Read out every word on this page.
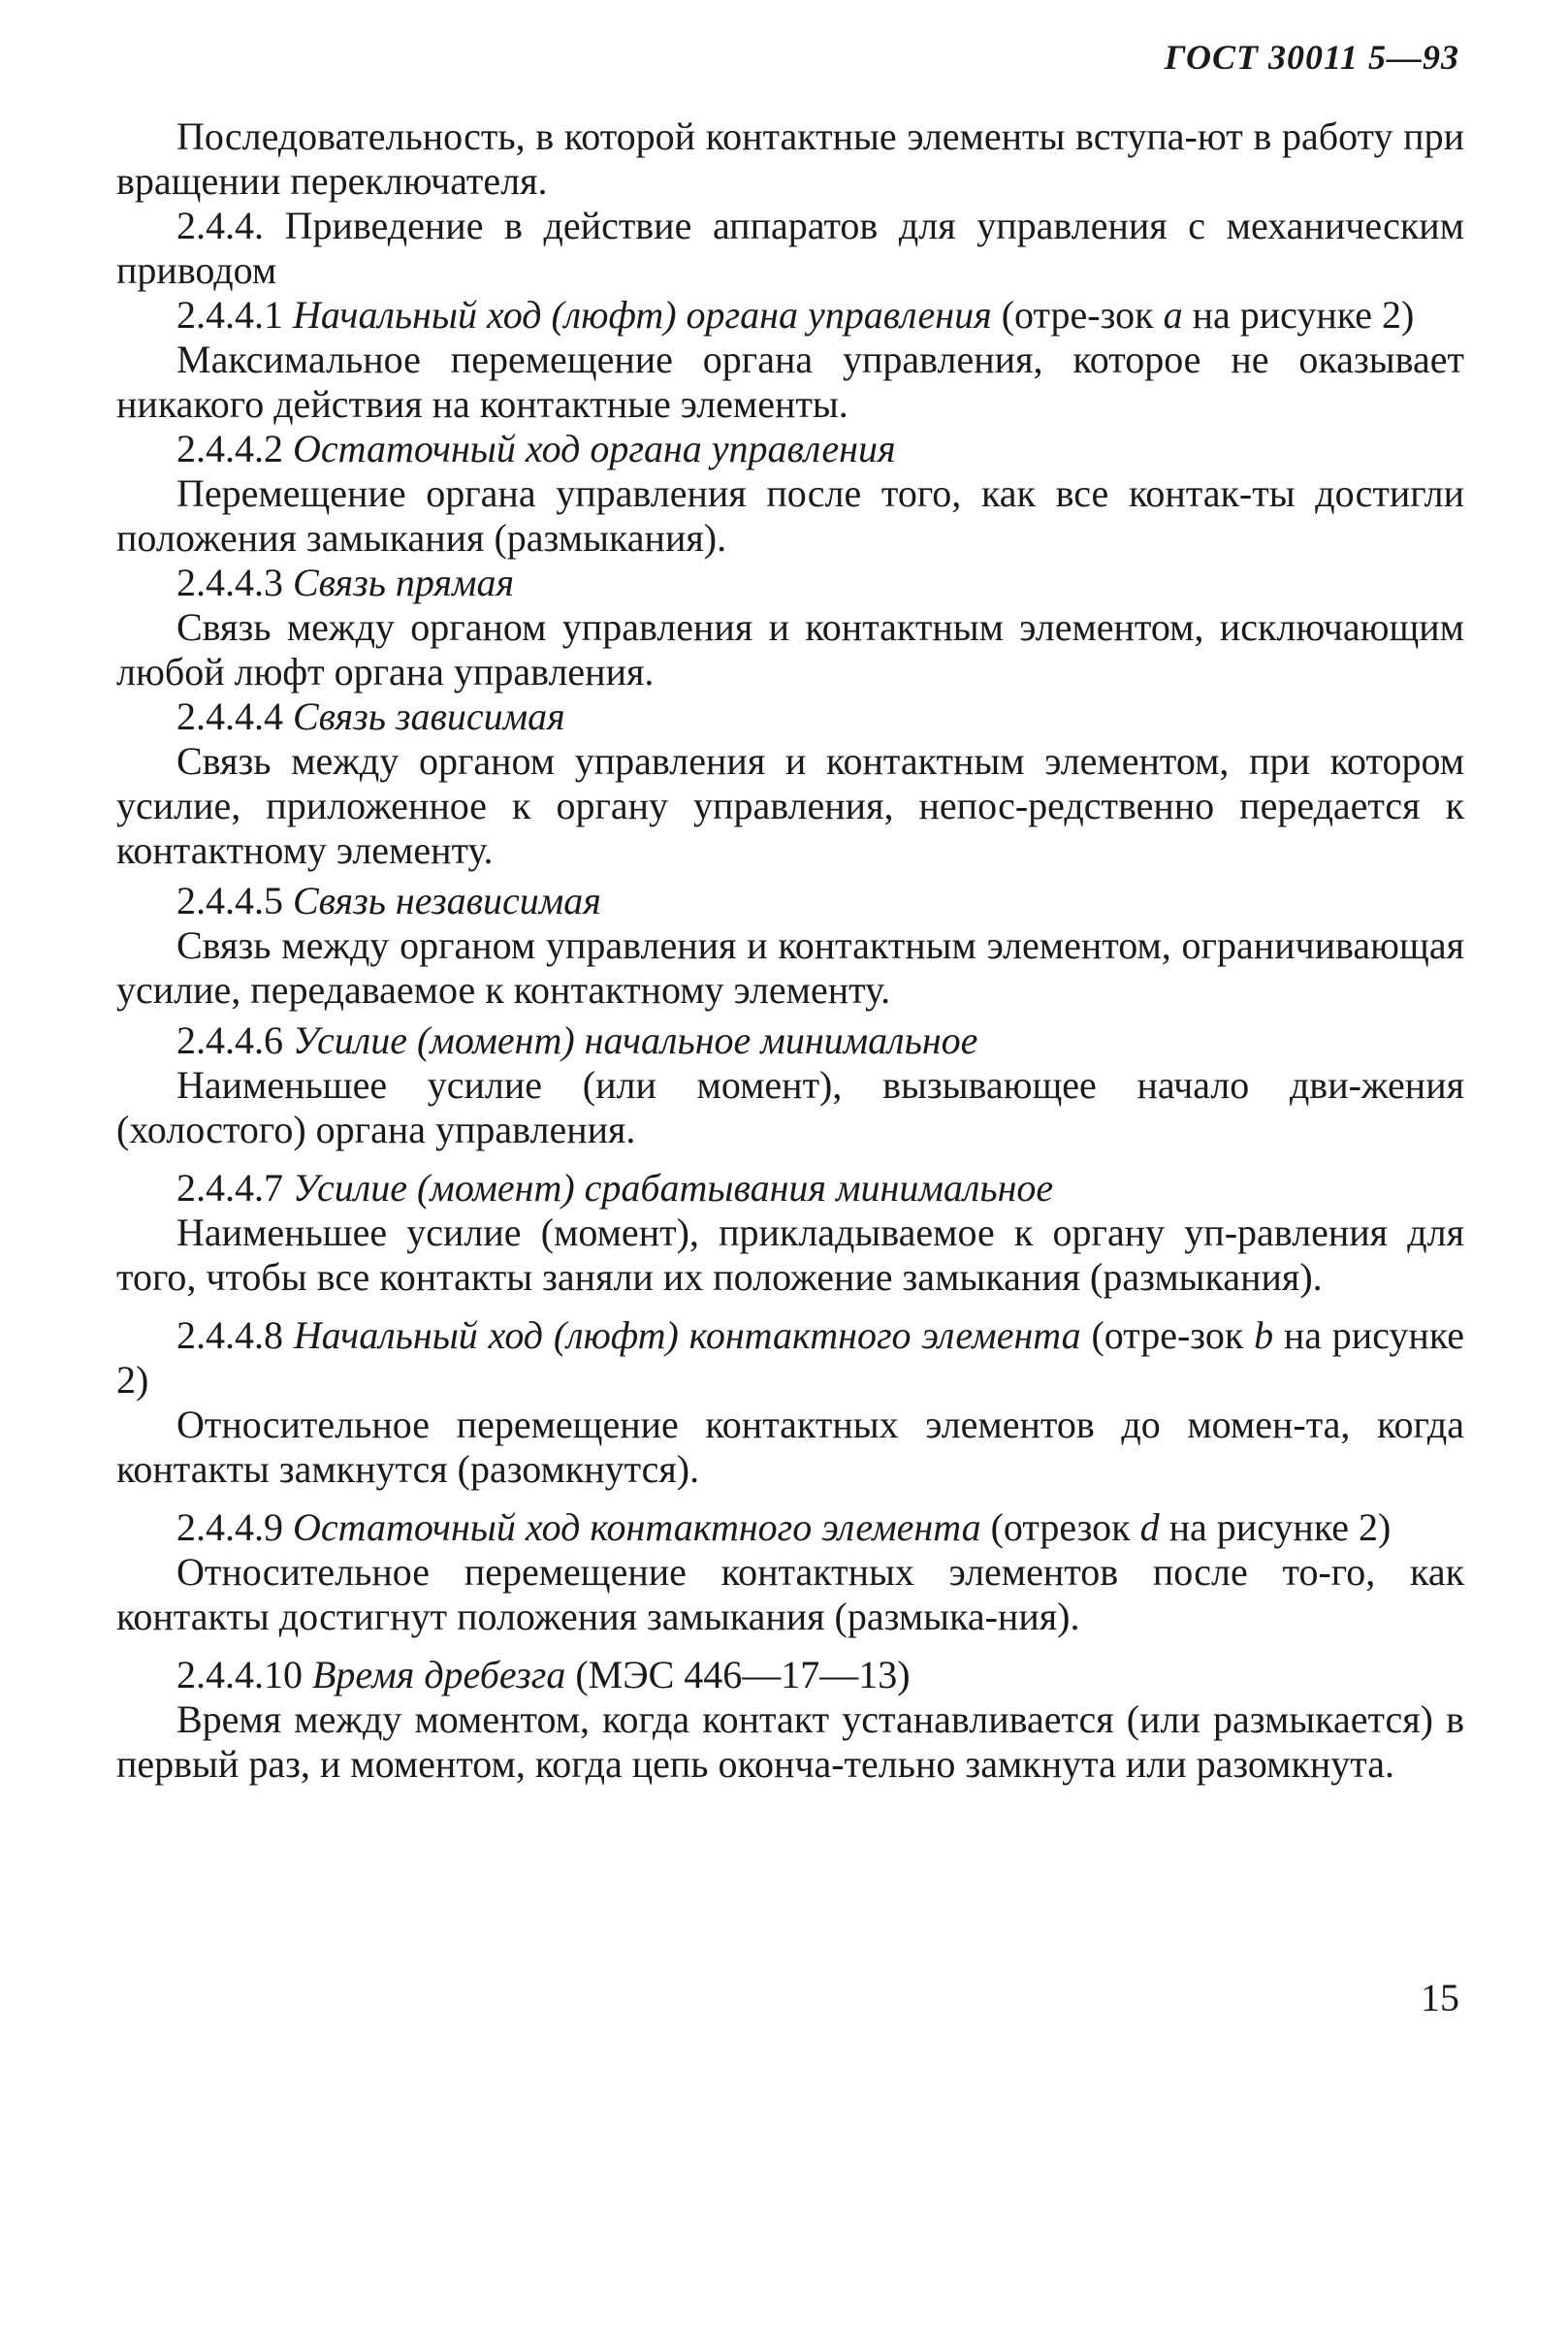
ГОСТ 30011 5—93

Последовательность, в которой контактные элементы вступа-ют в работу при вращении переключателя.

2.4.4. Приведение в действие аппаратов для управления с механическим приводом

2.4.4.1 Начальный ход (люфт) органа управления (отре-зок a на рисунке 2)

Максимальное перемещение органа управления, которое не оказывает никакого действия на контактные элементы.

2.4.4.2 Остаточный ход органа управления

Перемещение органа управления после того, как все контак-ты достигли положения замыкания (размыкания).

2.4.4.3 Связь прямая

Связь между органом управления и контактным элементом, исключающим любой люфт органа управления.

2.4.4.4 Связь зависимая

Связь между органом управления и контактным элементом, при котором усилие, приложенное к органу управления, непос-редственно передается к контактному элементу.

2.4.4.5 Связь независимая

Связь между органом управления и контактным элементом, ограничивающая усилие, передаваемое к контактному элементу.

2.4.4.6 Усилие (момент) начальное минимальное

Наименьшее усилие (или момент), вызывающее начало дви-жения (холостого) органа управления.

2.4.4.7 Усилие (момент) срабатывания минимальное

Наименьшее усилие (момент), прикладываемое к органу уп-равления для того, чтобы все контакты заняли их положение замыкания (размыкания).

2.4.4.8 Начальный ход (люфт) контактного элемента (отре-зок b на рисунке 2)

Относительное перемещение контактных элементов до момен-та, когда контакты замкнутся (разомкнутся).

2.4.4.9 Остаточный ход контактного элемента (отрезок d на рисунке 2)

Относительное перемещение контактных элементов после то-го, как контакты достигнут положения замыкания (размыка-ния).

2.4.4.10 Время дребезга (МЭС 446—17—13)

Время между моментом, когда контакт устанавливается (или размыкается) в первый раз, и моментом, когда цепь оконча-тельно замкнута или разомкнута.

15
